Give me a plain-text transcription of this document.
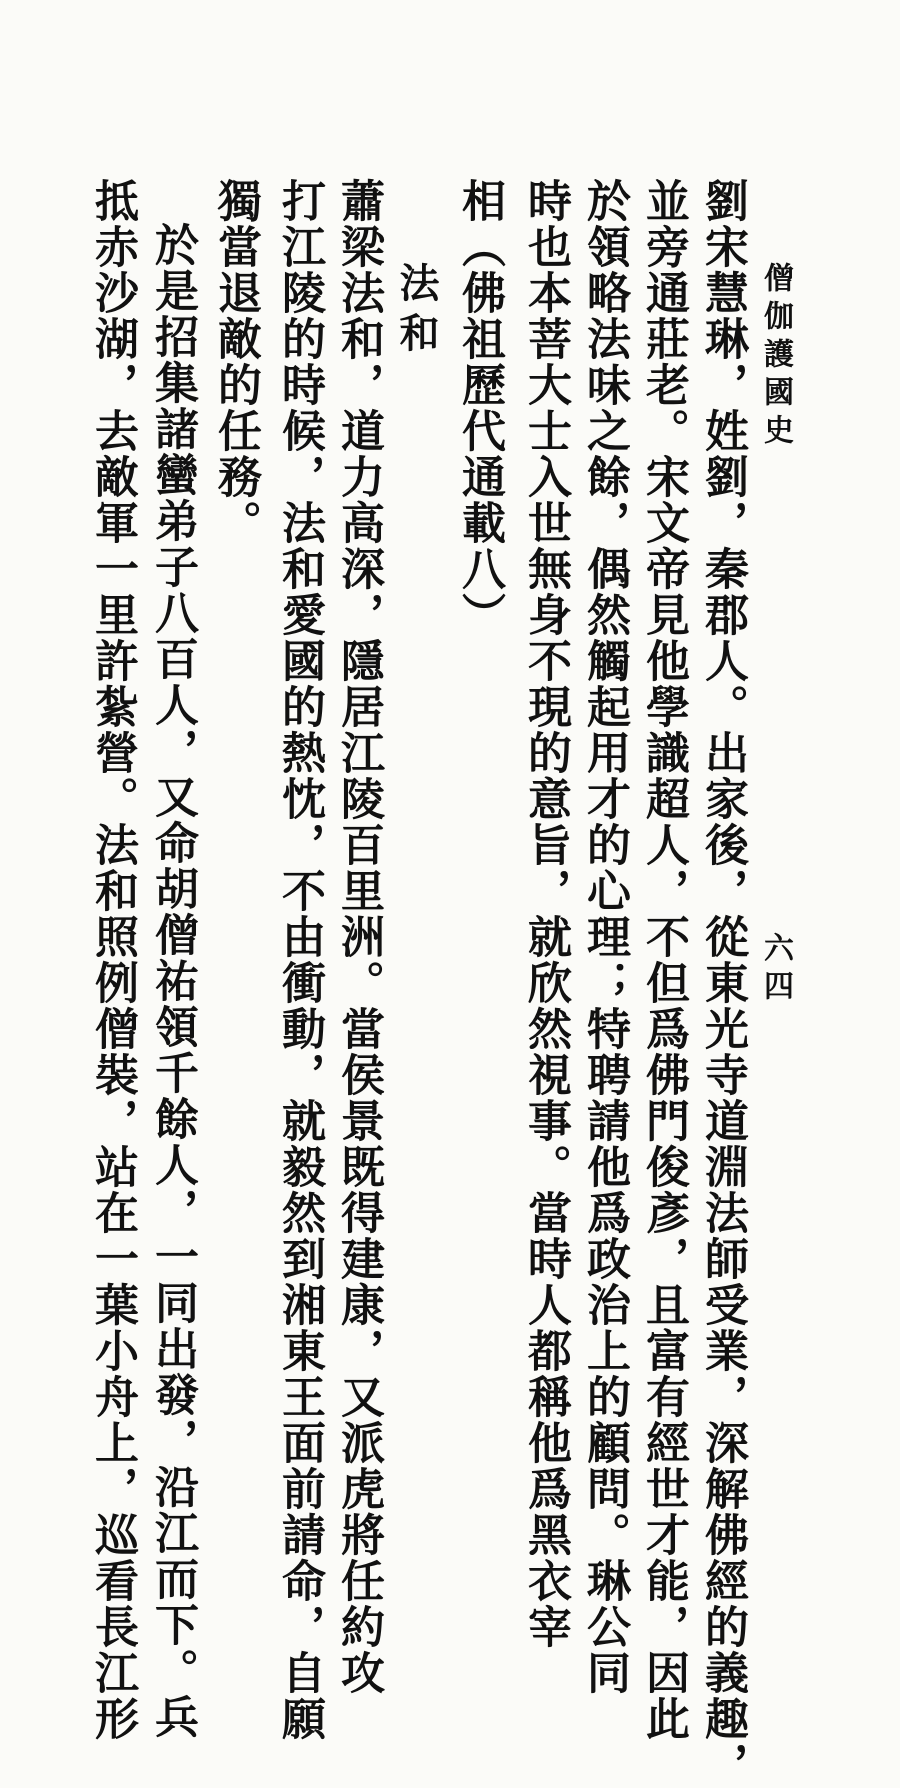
僧伽護國史
六四
劉宋慧琳，姓劉，秦郡人。出家後，從東光寺道淵法師受業，深解佛經的義趣，
並旁通莊老。宋文帝見他學識超人，不但爲佛門俊彥，且富有經世才能，因此
於領略法味之餘，偶然觸起用才的心理；特聘請他爲政治上的顧問。琳公同
時也本菩大士入世無身不現的意旨，就欣然視事。當時人都稱他爲黑衣宰
相（佛祖歷代通載八）
法和
蕭梁法和，道力高深，隱居江陵百里洲。當侯景既得建康，又派虎將任約攻
打江陵的時候，法和愛國的熱忱，不由衝動，就毅然到湘東王面前請命，自願
獨當退敵的任務。
於是招集諸蠻弟子八百人，又命胡僧祐領千餘人，一同出發，沿江而下。兵
抵赤沙湖，去敵軍一里許紮營。法和照例僧裝，站在一葉小舟上，巡看長江形
